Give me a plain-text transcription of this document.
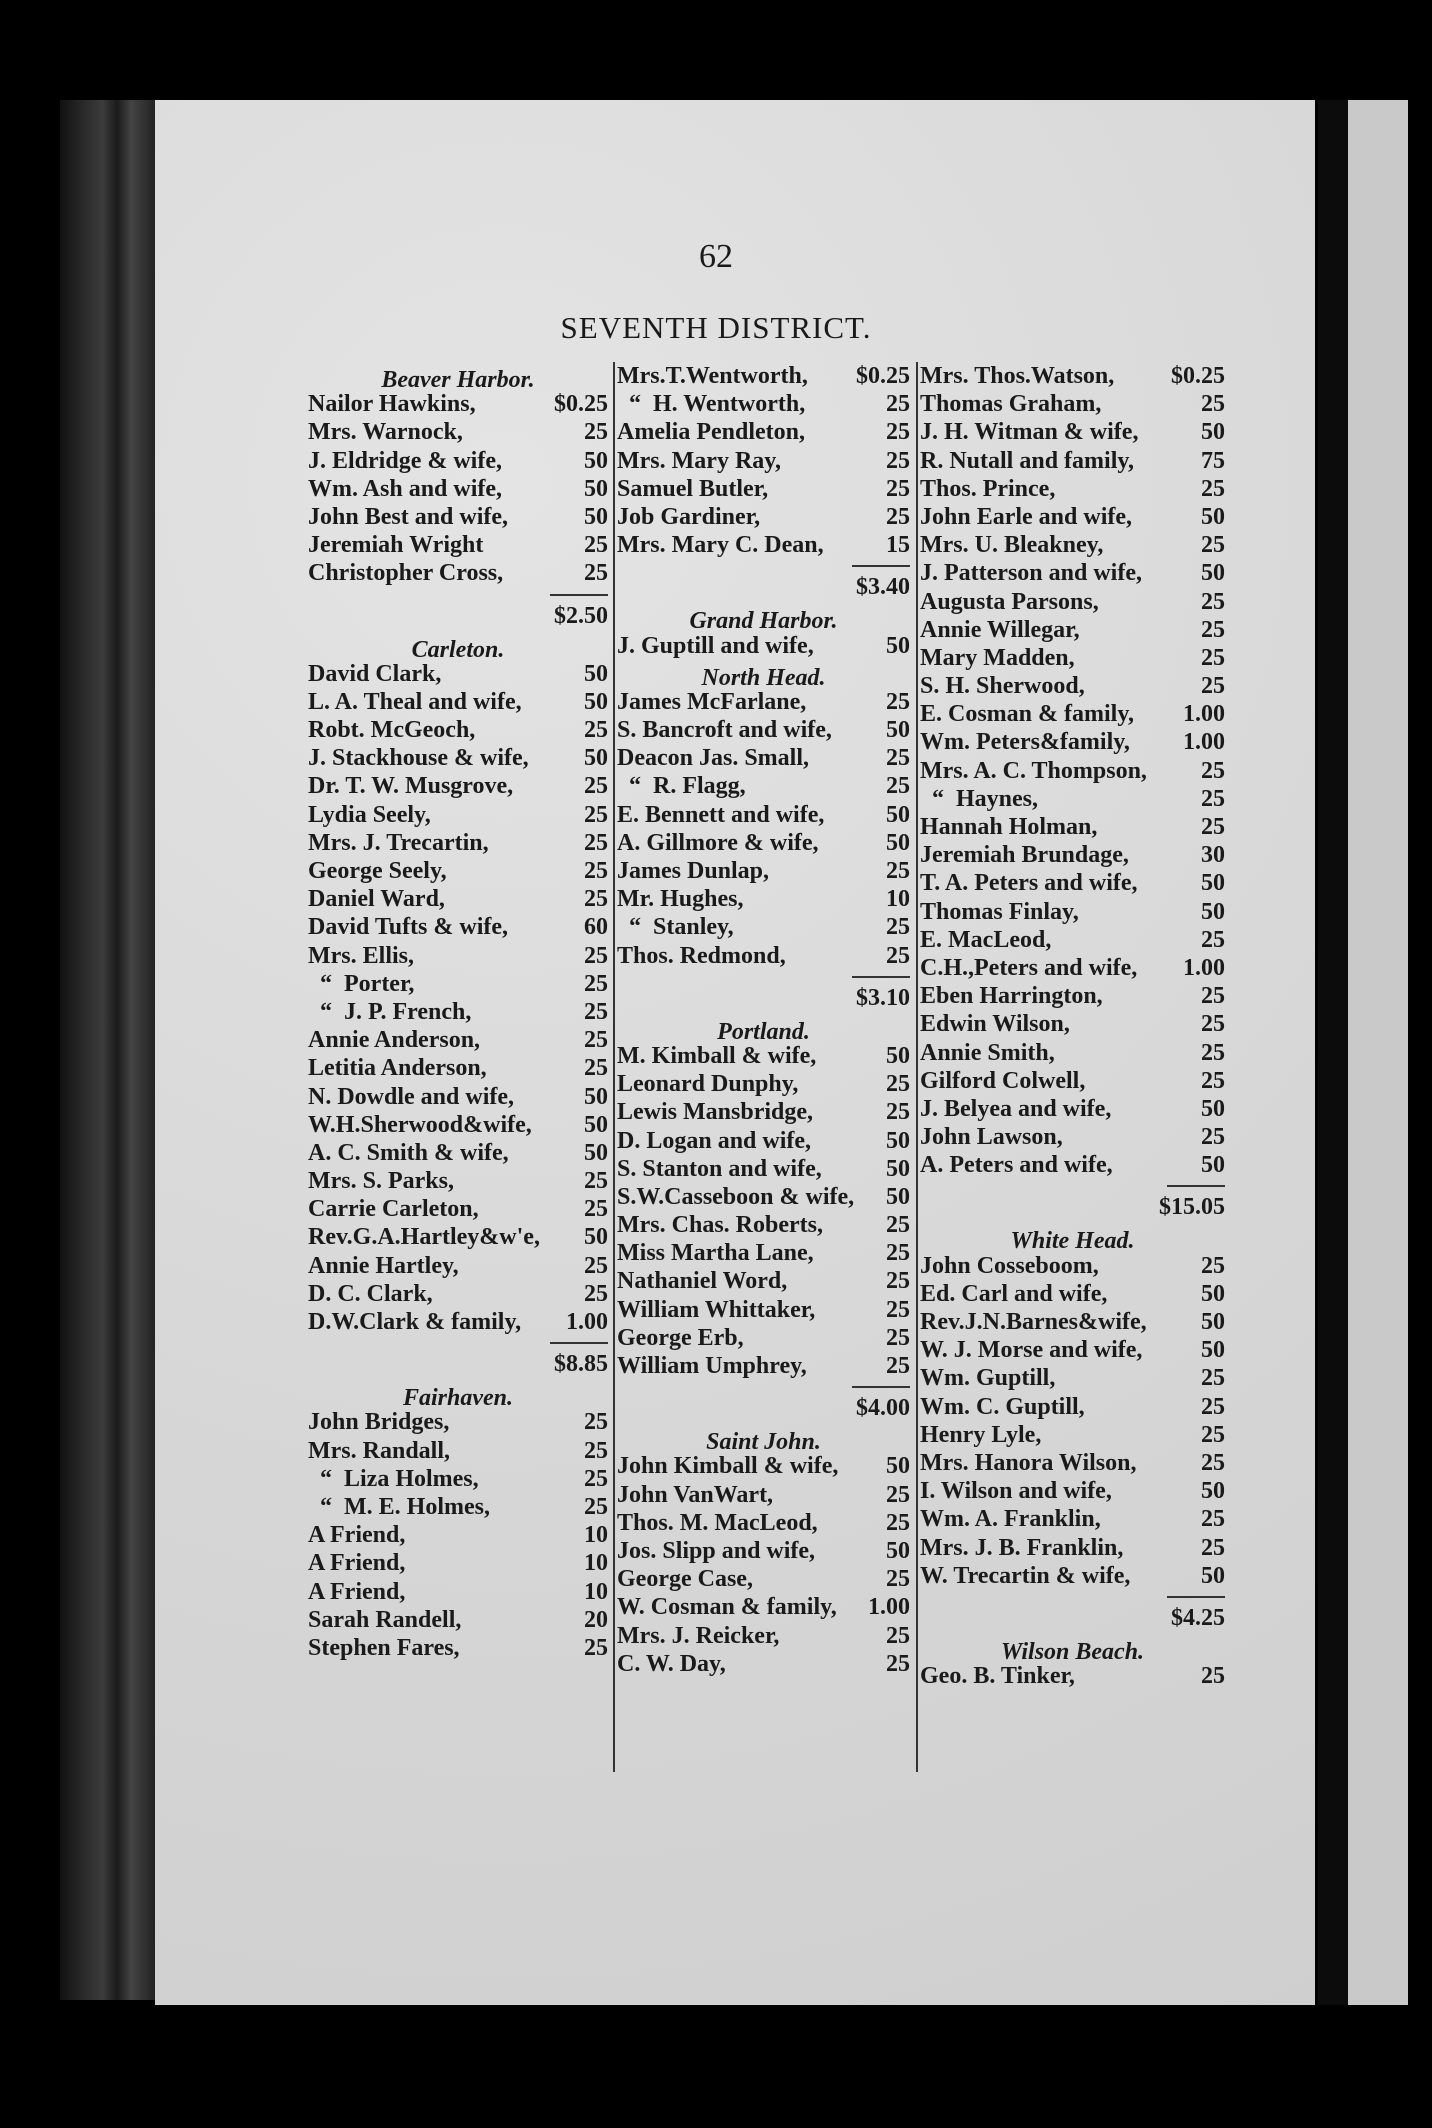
62
SEVENTH DISTRICT.
Beaver Harbor.
Nailor Hawkins,	$0.25
Mrs. Warnock,	25
J. Eldridge & wife,	50
Wm. Ash and wife,	50
John Best and wife,	50
Jeremiah Wright	25
Christopher Cross,	25
$2.50
Carleton.
David Clark,	50
L. A. Theal and wife,	50
Robt. McGeoch,	25
J. Stackhouse & wife, 50
Dr. T. W. Musgrove,	25
Lydia Seely,	25
Mrs. J. Trecartin,	25
George Seely,	25
Daniel Ward,	25
David Tufts & wife,	60
Mrs. Ellis,	25
“  Porter,	25
“  J. P. French,	25
Annie Anderson,	25
Letitia Anderson,	25
N. Dowdle and wife,	50
W.H.Sherwood&wife, 50
A. C. Smith & wife,	50
Mrs. S. Parks,	25
Carrie Carleton,	25
Rev.G.A.Hartley&w'e, 50
Annie Hartley,	25
D. C. Clark,	25
D.W.Clark & family, 1.00
$8.85
Fairhaven.
John Bridges,	25
Mrs. Randall,	25
“  Liza Holmes,	25
“  M. E. Holmes,	25
A Friend,	10
A Friend,	10
A Friend,	10
Sarah Randell,	20
Stephen Fares,	25
Mrs.T.Wentworth, $0.25
“  H. Wentworth,	25
Amelia Pendleton,	25
Mrs. Mary Ray,	25
Samuel Butler,	25
Job Gardiner,	25
Mrs. Mary C. Dean,	15
$3.40
Grand Harbor.
J. Guptill and wife,	50
North Head.
James McFarlane,	25
S. Bancroft and wife, 50
Deacon Jas. Small,	25
“  R. Flagg,	25
E. Bennett and wife,	50
A. Gillmore & wife,	50
James Dunlap,	25
Mr. Hughes,	10
“  Stanley,	25
Thos. Redmond,	25
$3.10
Portland.
M. Kimball & wife,	50
Leonard Dunphy,	25
Lewis Mansbridge,	25
D. Logan and wife,	50
S. Stanton and wife,	50
S.W.Casseboon & wife, 50
Mrs. Chas. Roberts,	25
Miss Martha Lane,	25
Nathaniel Word,	25
William Whittaker,	25
George Erb,	25
William Umphrey,	25
$4.00
Saint John.
John Kimball & wife, 50
John VanWart,	25
Thos. M. MacLeod,	25
Jos. Slipp and wife,	50
George Case,	25
W. Cosman & family, 1.00
Mrs. J. Reicker,	25
C. W. Day,	25
Mrs. Thos.Watson, $0.25
Thomas Graham,	25
J. H. Witman & wife,	50
R. Nutall and family,	75
Thos. Prince,	25
John Earle and wife,	50
Mrs. U. Bleakney,	25
J. Patterson and wife, 50
Augusta Parsons,	25
Annie Willegar,	25
Mary Madden,	25
S. H. Sherwood,	25
E. Cosman & family, 1.00
Wm. Peters&family, 1.00
Mrs. A. C. Thompson, 25
“  Haynes,	25
Hannah Holman,	25
Jeremiah Brundage,	30
T. A. Peters and wife,	50
Thomas Finlay,	50
E. MacLeod,	25
C.H.,Peters and wife, 1.00
Eben Harrington,	25
Edwin Wilson,	25
Annie Smith,	25
Gilford Colwell,	25
J. Belyea and wife,	50
John Lawson,	25
A. Peters and wife,	50
$15.05
White Head.
John Cosseboom,	25
Ed. Carl and wife,	50
Rev.J.N.Barnes&wife, 50
W. J. Morse and wife, 50
Wm. Guptill,	25
Wm. C. Guptill,	25
Henry Lyle,	25
Mrs. Hanora Wilson,	25
I. Wilson and wife,	50
Wm. A. Franklin,	25
Mrs. J. B. Franklin,	25
W. Trecartin & wife,	50
$4.25
Wilson Beach.
Geo. B. Tinker,	25
